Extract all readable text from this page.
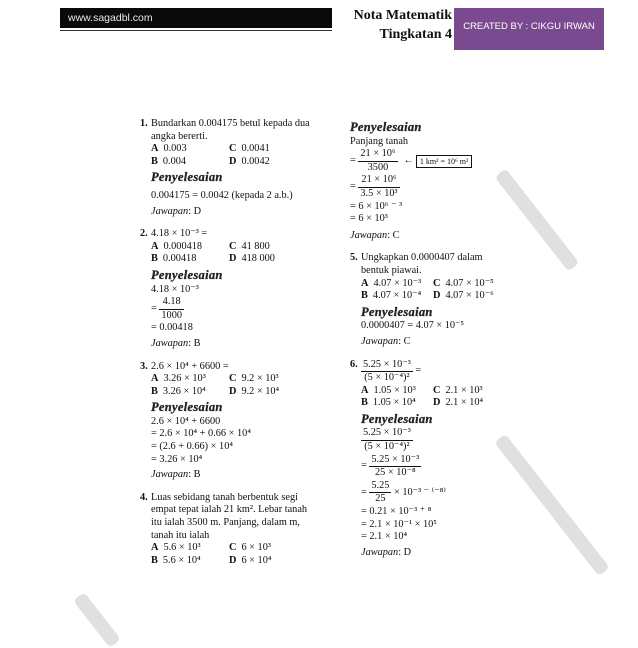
www.sagadbl.com	Nota Matematik
Tingkatan 4
CREATED BY : CIKGU IRWAN
1. Bundarkan 0.004175 betul kepada dua angka bererti.
A 0.003	C 0.0041
B 0.004	D 0.0042
Penyelesaian
0.004175 = 0.0042 (kepada 2 a.b.)
Jawapan: D
2. 4.18 × 10⁻³ =
A 0.000418	C 41 800
B 0.00418	D 418 000
Penyelesaian
4.18 × 10⁻³
= $\frac{4.18}{1000}$
= 0.00418
Jawapan: B
3. 2.6 × 10⁴ + 6600 =
A 3.26 × 10³	C 9.2 × 10³
B 3.26 × 10⁴	D 9.2 × 10⁴
Penyelesaian
2.6 × 10⁴ + 6600
= 2.6 × 10⁴ + 0.66 × 10⁴
= (2.6 + 0.66) × 10⁴
= 3.26 × 10⁴
Jawapan: B
4. Luas sebidang tanah berbentuk segi empat tepat ialah 21 km². Lebar tanah itu ialah 3500 m. Panjang, dalam m, tanah itu ialah
A 5.6 × 10³	C 6 × 10³
B 5.6 × 10⁴	D 6 × 10⁴
Penyelesaian
Panjang tanah
= $\frac{\text{21 × 10⁶}}{3500}$ ← 1 km² = 10⁶ m²
= $\frac{\text{21 × 10⁶}}{\text{3.5 × 10³}}$
= 6 × 10⁶ ⁻ ³
= 6 × 10³
Jawapan: C
5. Ungkapkan 0.0000407 dalam bentuk piawai.
A 4.07 × 10⁻³	C 4.07 × 10⁻⁵
B 4.07 × 10⁻⁴	D 4.07 × 10⁻⁶
Penyelesaian
0.0000407 = 4.07 × 10⁻⁵
Jawapan: C
6. $\frac{\text{5.25 × 10⁻³}}{\text{(5 × 10⁻⁴)²}}$ =
A 1.05 × 10³	C 2.1 × 10³
B 1.05 × 10⁴	D 2.1 × 10⁴
Penyelesaian
$\frac{\text{5.25 × 10⁻³}}{\text{(5 × 10⁻⁴)²}}$
= $\frac{\text{5.25 × 10⁻³}}{\text{25 × 10⁻⁸}}$
= $\frac{5.25}{25}$
× 10⁻³ ⁻ ⁽⁻⁸⁾
= 0.21 × 10⁻³ ⁺ ⁸
= 2.1 × 10⁻¹ × 10⁵
= 2.1 × 10⁴
Jawapan: D
